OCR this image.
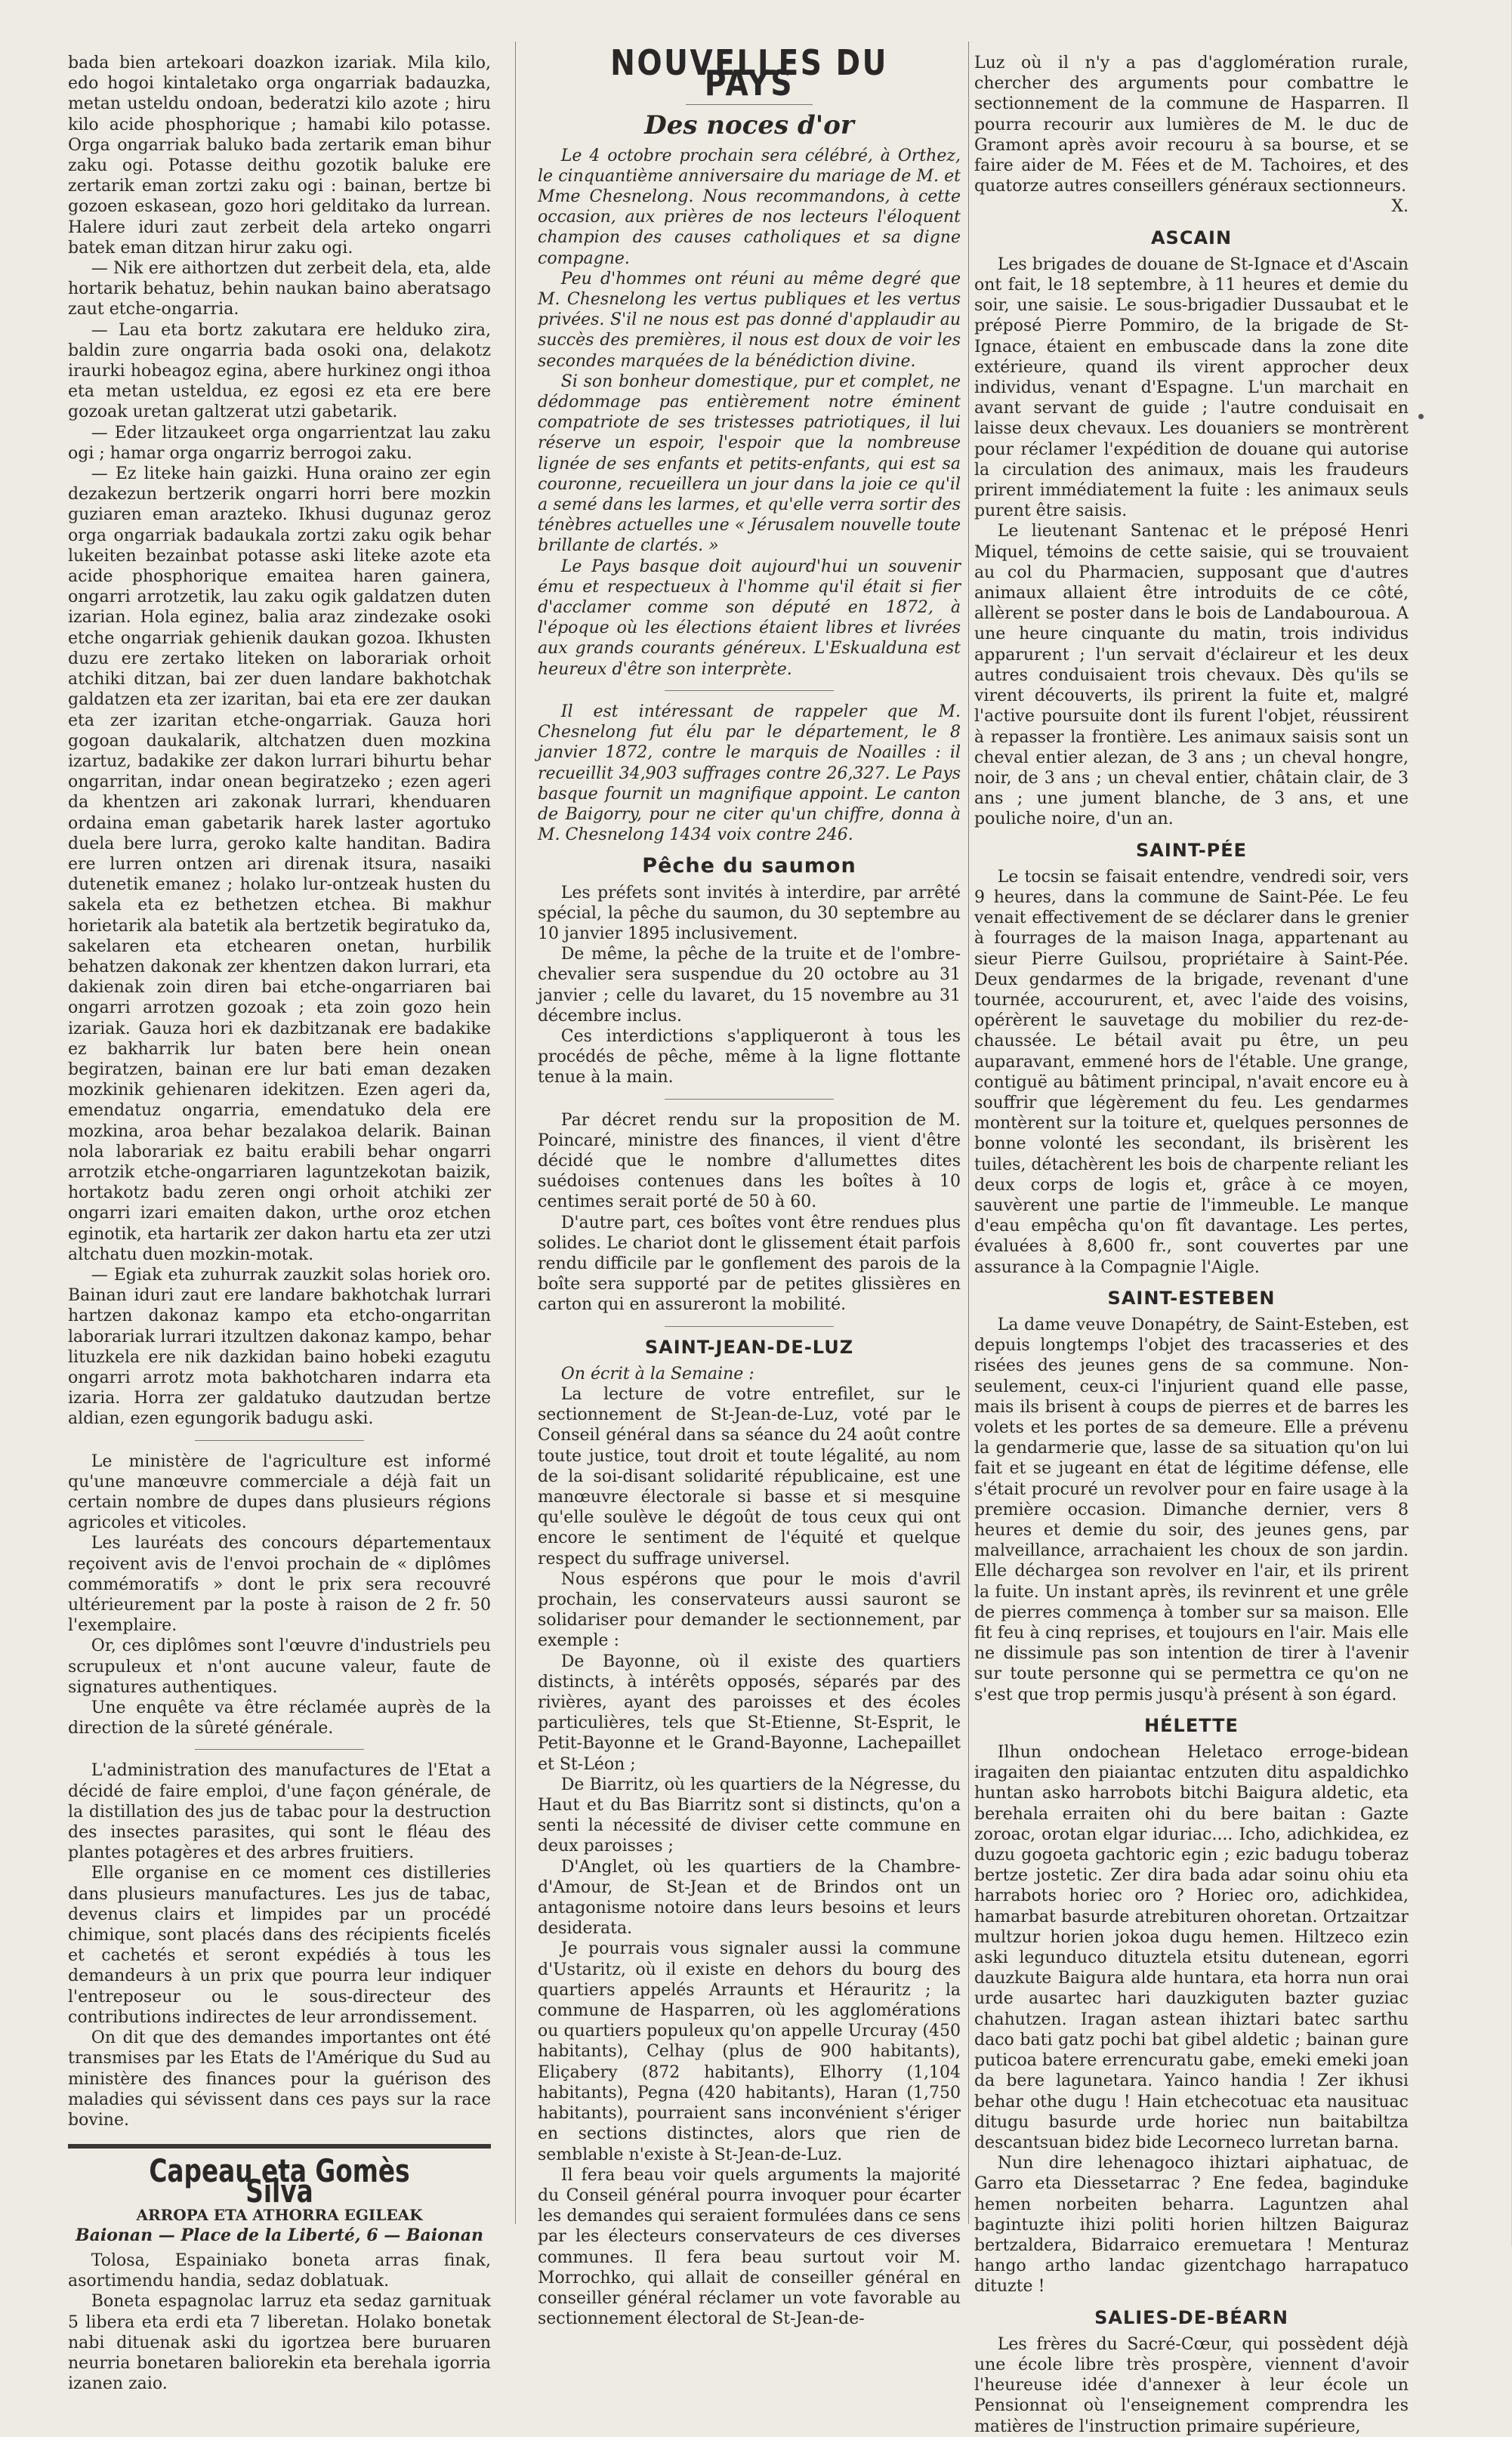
bada bien artekoari doazkon izariak. Mila kilo, edo hogoi kintaletako orga ongarriak badauzka, metan usteldu ondoan, bederatzi kilo azote ; hiru kilo acide phosphorique ; hamabi kilo potasse. Orga ongarriak baluko bada zertarik eman bihur zaku ogi. Potasse deithu gozotik baluke ere zertarik eman zortzi zaku ogi : bainan, bertze bi gozoen eskasean, gozo hori gelditako da lurrean. Halere iduri zaut zerbeit dela arteko ongarri batek eman ditzan hirur zaku ogi.

— Nik ere aithortzen dut zerbeit dela, eta, alde hortarik behatuz, behin naukan baino aberatsago zaut etche-ongarria.

— Lau eta bortz zakutara ere helduko zira, baldin zure ongarria bada osoki ona, delakotz iraurki hobeagoz egina, abere hurkinez ongi ithoa eta metan usteldua, ez egosi ez eta ere bere gozoak uretan galtzerat utzi gabetarik.

— Eder litzaukeet orga ongarrientzat lau zaku ogi ; hamar orga ongarriz berrogoi zaku.

— Ez liteke hain gaizki. Huna oraino zer egin dezakezun bertzerik ongarri horri bere mozkin guziaren eman arazteko. Ikhusi dugunaz geroz orga ongarriak badaukala zortzi zaku ogik behar lukeiten bezainbat potasse aski liteke azote eta acide phosphorique emaitea haren gainera, ongarri arrotzetik, lau zaku ogik galdatzen duten izarian. Hola eginez, balia araz zindezake osoki etche ongarriak gehienik daukan gozoa. Ikhusten duzu ere zertako liteken on laborariak orhoit atchiki ditzan, bai zer duen landare bakhotchak galdatzen eta zer izaritan, bai eta ere zer daukan eta zer izaritan etche-ongarriak. Gauza hori gogoan daukalarik, altchatzen duen mozkina izartuz, badakike zer dakon lurrari bihurtu behar ongarritan, indar onean begiratzeko ; ezen ageri da khentzen ari zakonak lurrari, khenduaren ordaina eman gabetarik harek laster agortuko duela bere lurra, geroko kalte handitan. Badira ere lurren ontzen ari direnak itsura, nasaiki dutenetik emanez ; holako lur-ontzeak husten du sakela eta ez bethetzen etchea. Bi makhur horietarik ala batetik ala bertzetik begiratuko da, sakelaren eta etchearen onetan, hurbilik behatzen dakonak zer khentzen dakon lurrari, eta dakienak zoin diren bai etche-ongarriaren bai ongarri arrotzen gozoak ; eta zoin gozo hein izariak. Gauza hori ek dazbitzanak ere badakike ez bakharrik lur baten bere hein onean begiratzen, bainan ere lur bati eman dezaken mozkinik gehienaren idekitzen. Ezen ageri da, emendatuz ongarria, emendatuko dela ere mozkina, aroa behar bezalakoa delarik. Bainan nola laborariak ez baitu erabili behar ongarri arrotzik etche-ongarriaren laguntzekotan baizik, hortakotz badu zeren ongi orhoit atchiki zer ongarri izari emaiten dakon, urthe oroz etchen eginotik, eta hartarik zer dakon hartu eta zer utzi altchatu duen mozkin-motak.

— Egiak eta zuhurrak zauzkit solas horiek oro. Bainan iduri zaut ere landare bakhotchak lurrari hartzen dakonaz kampo eta etcho-ongarritan laborariak lurrari itzultzen dakonaz kampo, behar lituzkela ere nik dazkidan baino hobeki ezagutu ongarri arrotz mota bakhotcharen indarra eta izaria. Horra zer galdatuko dautzudan bertze aldian, ezen egungorik badugu aski.

Le ministère de l'agriculture est informé qu'une manœuvre commerciale a déjà fait un certain nombre de dupes dans plusieurs régions agricoles et viticoles.

Les lauréats des concours départementaux reçoivent avis de l'envoi prochain de « diplômes commémoratifs » dont le prix sera recouvré ultérieurement par la poste à raison de 2 fr. 50 l'exemplaire.

Or, ces diplômes sont l'œuvre d'industriels peu scrupuleux et n'ont aucune valeur, faute de signatures authentiques.

Une enquête va être réclamée auprès de la direction de la sûreté générale.

L'administration des manufactures de l'Etat a décidé de faire emploi, d'une façon générale, de la distillation des jus de tabac pour la destruction des insectes parasites, qui sont le fléau des plantes potagères et des arbres fruitiers.

Elle organise en ce moment ces distilleries dans plusieurs manufactures. Les jus de tabac, devenus clairs et limpides par un procédé chimique, sont placés dans des récipients ficelés et cachetés et seront expédiés à tous les demandeurs à un prix que pourra leur indiquer l'entreposeur ou le sous-directeur des contributions indirectes de leur arrondissement.

On dit que des demandes importantes ont été transmises par les Etats de l'Amérique du Sud au ministère des finances pour la guérison des maladies qui sévissent dans ces pays sur la race bovine.

Capeau eta Gomès Silva
ARROPA ETA ATHORRA EGILEAK
Baionan — Place de la Liberté, 6 — Baionan

Tolosa, Espainiako boneta arras finak, asortimendu handia, sedaz doblatuak.

Boneta espagnolac larruz eta sedaz garnituak 5 libera eta erdi eta 7 liberetan. Holako bonetak nabi dituenak aski du igortzea bere buruaren neurria bonetaren baliorekin eta berehala igorria izanen zaio.

NOUVELLES DU PAYS
Des noces d'or

Le 4 octobre prochain sera célébré, à Orthez, le cinquantième anniversaire du mariage de M. et Mme Chesnelong. Nous recommandons, à cette occasion, aux prières de nos lecteurs l'éloquent champion des causes catholiques et sa digne compagne.

Peu d'hommes ont réuni au même degré que M. Chesnelong les vertus publiques et les vertus privées. S'il ne nous est pas donné d'applaudir au succès des premières, il nous est doux de voir les secondes marquées de la bénédiction divine.

Si son bonheur domestique, pur et complet, ne dédommage pas entièrement notre éminent compatriote de ses tristesses patriotiques, il lui réserve un espoir, l'espoir que la nombreuse lignée de ses enfants et petits-enfants, qui est sa couronne, recueillera un jour dans la joie ce qu'il a semé dans les larmes, et qu'elle verra sortir des ténèbres actuelles une « Jérusalem nouvelle toute brillante de clartés. »

Le Pays basque doit aujourd'hui un souvenir ému et respectueux à l'homme qu'il était si fier d'acclamer comme son député en 1872, à l'époque où les élections étaient libres et livrées aux grands courants généreux. L'Eskualduna est heureux d'être son interprète.

Il est intéressant de rappeler que M. Chesnelong fut élu par le département, le 8 janvier 1872, contre le marquis de Noailles : il recueillit 34,903 suffrages contre 26,327. Le Pays basque fournit un magnifique appoint. Le canton de Baigorry, pour ne citer qu'un chiffre, donna à M. Chesnelong 1434 voix contre 246.

Pêche du saumon

Les préfets sont invités à interdire, par arrêté spécial, la pêche du saumon, du 30 septembre au 10 janvier 1895 inclusivement.

De même, la pêche de la truite et de l'ombre-chevalier sera suspendue du 20 octobre au 31 janvier ; celle du lavaret, du 15 novembre au 31 décembre inclus.

Ces interdictions s'appliqueront à tous les procédés de pêche, même à la ligne flottante tenue à la main.

Par décret rendu sur la proposition de M. Poincaré, ministre des finances, il vient d'être décidé que le nombre d'allumettes dites suédoises contenues dans les boîtes à 10 centimes serait porté de 50 à 60.

D'autre part, ces boîtes vont être rendues plus solides. Le chariot dont le glissement était parfois rendu difficile par le gonflement des parois de la boîte sera supporté par de petites glissières en carton qui en assureront la mobilité.

SAINT-JEAN-DE-LUZ

On écrit à la Semaine :

La lecture de votre entrefilet, sur le sectionnement de St-Jean-de-Luz, voté par le Conseil général dans sa séance du 24 août contre toute justice, tout droit et toute légalité, au nom de la soi-disant solidarité républicaine, est une manœuvre électorale si basse et si mesquine qu'elle soulève le dégoût de tous ceux qui ont encore le sentiment de l'équité et quelque respect du suffrage universel.

Nous espérons que pour le mois d'avril prochain, les conservateurs aussi sauront se solidariser pour demander le sectionnement, par exemple :

De Bayonne, où il existe des quartiers distincts, à intérêts opposés, séparés par des rivières, ayant des paroisses et des écoles particulières, tels que St-Etienne, St-Esprit, le Petit-Bayonne et le Grand-Bayonne, Lachepaillet et St-Léon ;

De Biarritz, où les quartiers de la Négresse, du Haut et du Bas Biarritz sont si distincts, qu'on a senti la nécessité de diviser cette commune en deux paroisses ;

D'Anglet, où les quartiers de la Chambre-d'Amour, de St-Jean et de Brindos ont un antagonisme notoire dans leurs besoins et leurs desiderata.

Je pourrais vous signaler aussi la commune d'Ustaritz, où il existe en dehors du bourg des quartiers appelés Arraunts et Hérauritz ; la commune de Hasparren, où les agglomérations ou quartiers populeux qu'on appelle Urcuray (450 habitants), Celhay (plus de 900 habitants), Eliçabery (872 habitants), Elhorry (1,104 habitants), Pegna (420 habitants), Haran (1,750 habitants), pourraient sans inconvénient s'ériger en sections distinctes, alors que rien de semblable n'existe à St-Jean-de-Luz.

Il fera beau voir quels arguments la majorité du Conseil général pourra invoquer pour écarter les demandes qui seraient formulées dans ce sens par les électeurs conservateurs de ces diverses communes. Il fera beau surtout voir M. Morrochko, qui allait de conseiller général en conseiller général réclamer un vote favorable au sectionnement électoral de St-Jean-de-

Luz où il n'y a pas d'agglomération rurale, chercher des arguments pour combattre le sectionnement de la commune de Hasparren. Il pourra recourir aux lumières de M. le duc de Gramont après avoir recouru à sa bourse, et se faire aider de M. Fées et de M. Tachoires, et des quatorze autres conseillers généraux sectionneurs.

X.

ASCAIN

Les brigades de douane de St-Ignace et d'Ascain ont fait, le 18 septembre, à 11 heures et demie du soir, une saisie. Le sous-brigadier Dussaubat et le préposé Pierre Pommiro, de la brigade de St-Ignace, étaient en embuscade dans la zone dite extérieure, quand ils virent approcher deux individus, venant d'Espagne. L'un marchait en avant servant de guide ; l'autre conduisait en laisse deux chevaux. Les douaniers se montrèrent pour réclamer l'expédition de douane qui autorise la circulation des animaux, mais les fraudeurs prirent immédiatement la fuite : les animaux seuls purent être saisis.

Le lieutenant Santenac et le préposé Henri Miquel, témoins de cette saisie, qui se trouvaient au col du Pharmacien, supposant que d'autres animaux allaient être introduits de ce côté, allèrent se poster dans le bois de Landabouroua. A une heure cinquante du matin, trois individus apparurent ; l'un servait d'éclaireur et les deux autres conduisaient trois chevaux. Dès qu'ils se virent découverts, ils prirent la fuite et, malgré l'active poursuite dont ils furent l'objet, réussirent à repasser la frontière. Les animaux saisis sont un cheval entier alezan, de 3 ans ; un cheval hongre, noir, de 3 ans ; un cheval entier, châtain clair, de 3 ans ; une jument blanche, de 3 ans, et une pouliche noire, d'un an.

SAINT-PÉE

Le tocsin se faisait entendre, vendredi soir, vers 9 heures, dans la commune de Saint-Pée. Le feu venait effectivement de se déclarer dans le grenier à fourrages de la maison Inaga, appartenant au sieur Pierre Guilsou, propriétaire à Saint-Pée. Deux gendarmes de la brigade, revenant d'une tournée, accoururent, et, avec l'aide des voisins, opérèrent le sauvetage du mobilier du rez-de-chaussée. Le bétail avait pu être, un peu auparavant, emmené hors de l'étable. Une grange, contiguë au bâtiment principal, n'avait encore eu à souffrir que légèrement du feu. Les gendarmes montèrent sur la toiture et, quelques personnes de bonne volonté les secondant, ils brisèrent les tuiles, détachèrent les bois de charpente reliant les deux corps de logis et, grâce à ce moyen, sauvèrent une partie de l'immeuble. Le manque d'eau empêcha qu'on fît davantage. Les pertes, évaluées à 8,600 fr., sont couvertes par une assurance à la Compagnie l'Aigle.

SAINT-ESTEBEN

La dame veuve Donapétry, de Saint-Esteben, est depuis longtemps l'objet des tracasseries et des risées des jeunes gens de sa commune. Non-seulement, ceux-ci l'injurient quand elle passe, mais ils brisent à coups de pierres et de barres les volets et les portes de sa demeure. Elle a prévenu la gendarmerie que, lasse de sa situation qu'on lui fait et se jugeant en état de légitime défense, elle s'était procuré un revolver pour en faire usage à la première occasion. Dimanche dernier, vers 8 heures et demie du soir, des jeunes gens, par malveillance, arrachaient les choux de son jardin. Elle déchargea son revolver en l'air, et ils prirent la fuite. Un instant après, ils revinrent et une grêle de pierres commença à tomber sur sa maison. Elle fit feu à cinq reprises, et toujours en l'air. Mais elle ne dissimule pas son intention de tirer à l'avenir sur toute personne qui se permettra ce qu'on ne s'est que trop permis jusqu'à présent à son égard.

HÉLETTE

Ilhun ondochean Heletaco erroge-bidean iragaiten den piaiantac entzuten ditu aspaldichko huntan asko harrobots bitchi Baigura aldetic, eta berehala erraiten ohi du bere baitan : Gazte zoroac, orotan elgar iduriac.... Icho, adichkidea, ez duzu gogoeta gachtoric egin ; ezic badugu toberaz bertze jostetic. Zer dira bada adar soinu ohiu eta harrabots horiec oro ? Horiec oro, adichkidea, hamarbat basurde atrebituren ohoretan. Ortzaitzar multzur horien jokoa dugu hemen. Hiltzeco ezin aski legunduco dituztela etsitu dutenean, egorri dauzkute Baigura alde huntara, eta horra nun orai urde ausartec hari dauzkiguten bazter guziac chahutzen. Iragan astean ihiztari batec sarthu daco bati gatz pochi bat gibel aldetic ; bainan gure puticoa batere errencuratu gabe, emeki emeki joan da bere lagunetara. Yainco handia ! Zer ikhusi behar othe dugu ! Hain etchecotuac eta nausituac ditugu basurde urde horiec nun baitabiltza descantsuan bidez bide Lecorneco lurretan barna.

Nun dire lehenagoco ihiztari aiphatuac, de Garro eta Diessetarrac ? Ene fedea, baginduke hemen norbeiten beharra. Laguntzen ahal bagintuzte ihizi politi horien hiltzen Baiguraz bertzaldera, Bidarraico eremuetara ! Menturaz hango artho landac gizentchago harrapatuco dituzte !

SALIES-DE-BÉARN

Les frères du Sacré-Cœur, qui possèdent déjà une école libre très prospère, viennent d'avoir l'heureuse idée d'annexer à leur école un Pensionnat où l'enseignement comprendra les matières de l'instruction primaire supérieure,
